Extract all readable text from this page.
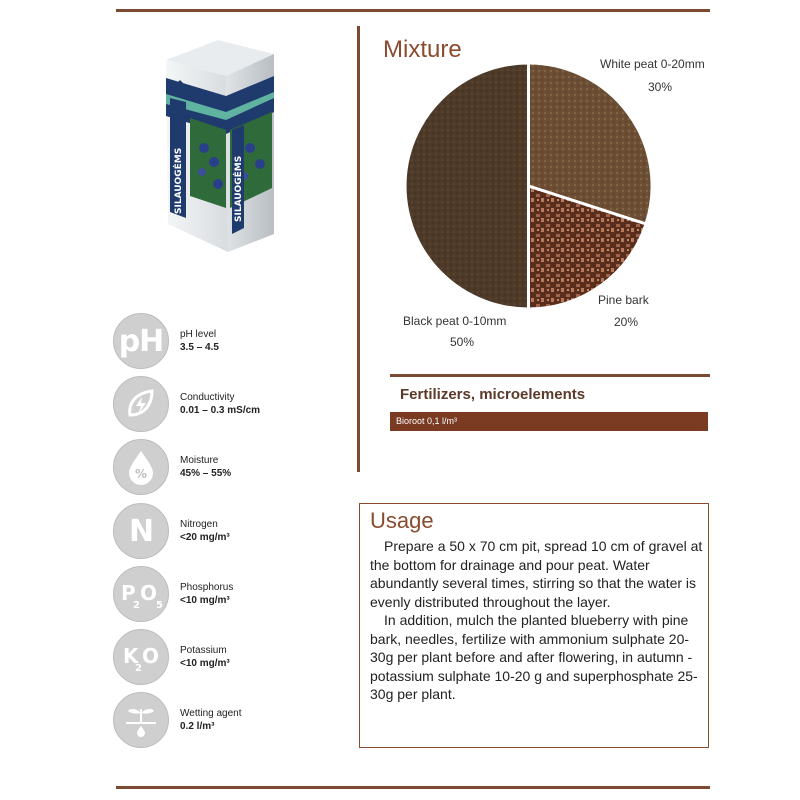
SILAUOGĖMS	SILAUOGĖMS
pH pH level
3.5 – 4.5
Conductivity
0.01 – 0.3 mS/cm
%
Moisture
45% – 55%
N	Nitrogen
<20 mg/m³
P
2
O
5
Phosphorus
<10 mg/m³
K
2
O Potassium
<10 mg/m³
Wetting agent
0.2 l/m³
Mixture
White peat 0-20mm
30%
Pine bark
20%
Black peat 0-10mm
50%
Fertilizers, microelements
Bioroot 0,1 l/m³
Usage

Prepare a 50 x 70 cm pit, spread 10 cm of gravel at the bottom for drainage and pour peat. Water abundantly several times, stirring so that the water is evenly distributed throughout the layer.

In addition, mulch the planted blueberry with pine bark, needles, fertilize with ammonium sulphate 20-30g per plant before and after flowering, in autumn - potassium sulphate 10-20 g and superphosphate 25-30g per plant.
